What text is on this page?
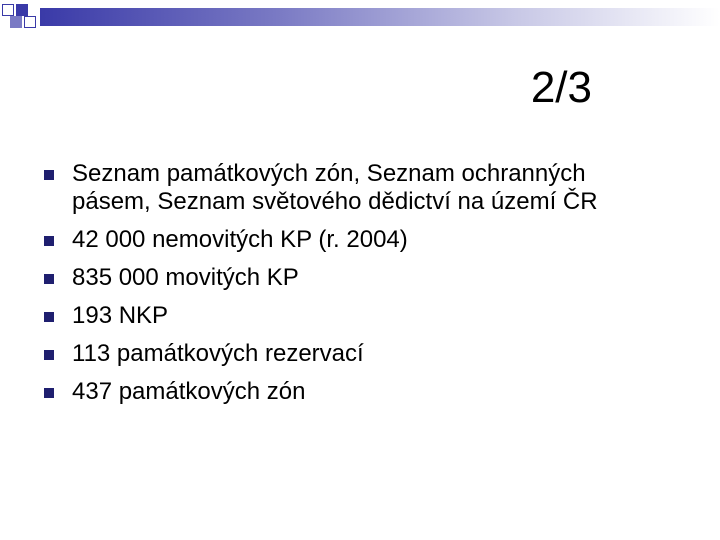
2/3
Seznam památkových zón, Seznam ochranných pásem, Seznam světového dědictví na území ČR
42 000 nemovitých KP (r. 2004)
835 000 movitých KP
193 NKP
113 památkových rezervací
437 památkových zón
